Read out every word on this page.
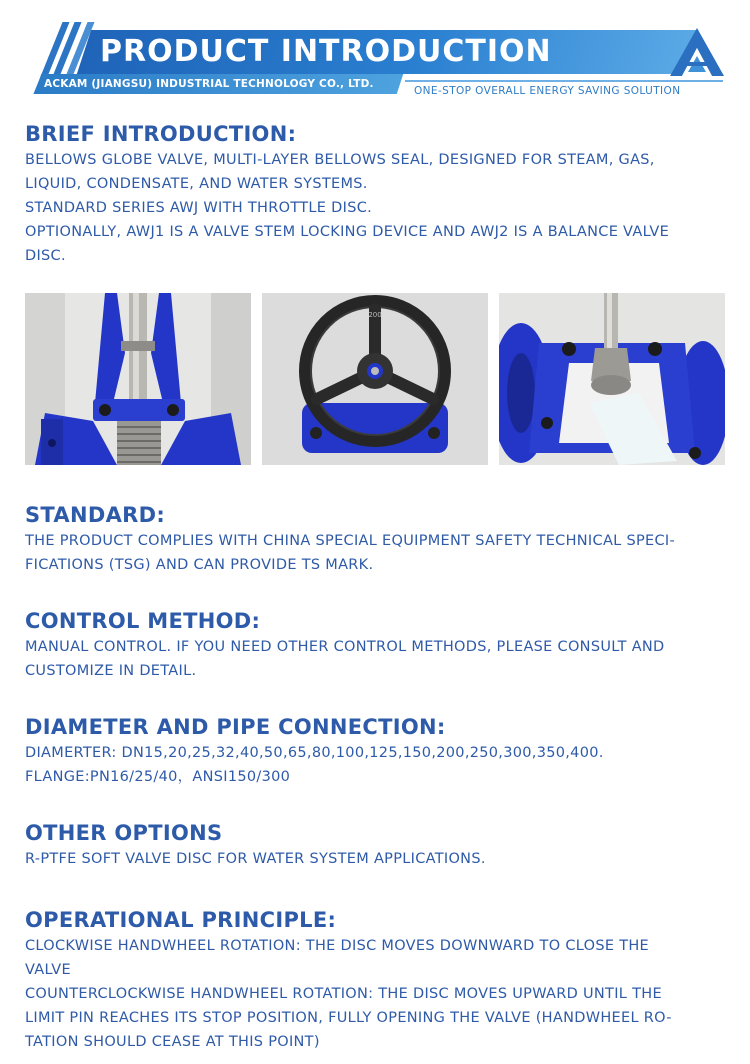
PRODUCT INTRODUCTION
ACKAM (JIANGSU) INDUSTRIAL TECHNOLOGY CO., LTD.
ONE-STOP OVERALL ENERGY SAVING SOLUTION
BRIEF INTRODUCTION:

BELLOWS GLOBE VALVE, MULTI-LAYER BELLOWS SEAL, DESIGNED FOR STEAM, GAS,

LIQUID, CONDENSATE, AND WATER SYSTEMS.

STANDARD SERIES AWJ WITH THROTTLE DISC.

OPTIONALLY, AWJ1 IS A VALVE STEM LOCKING DEVICE AND AWJ2 IS A BALANCE VALVE

DISC.

200
STANDARD:

THE PRODUCT COMPLIES WITH CHINA SPECIAL EQUIPMENT SAFETY TECHNICAL SPECI-

FICATIONS (TSG) AND CAN PROVIDE TS MARK.

CONTROL METHOD:

MANUAL CONTROL. IF YOU NEED OTHER CONTROL METHODS, PLEASE CONSULT AND

CUSTOMIZE IN DETAIL.

DIAMETER AND PIPE CONNECTION:

DIAMERTER: DN15,20,25,32,40,50,65,80,100,125,150,200,250,300,350,400.

FLANGE:PN16/25/40，ANSI150/300

OTHER OPTIONS

R-PTFE SOFT VALVE DISC FOR WATER SYSTEM APPLICATIONS.

OPERATIONAL PRINCIPLE:

CLOCKWISE HANDWHEEL ROTATION: THE DISC MOVES DOWNWARD TO CLOSE THE

VALVE

COUNTERCLOCKWISE HANDWHEEL ROTATION: THE DISC MOVES UPWARD UNTIL THE

LIMIT PIN REACHES ITS STOP POSITION, FULLY OPENING THE VALVE (HANDWHEEL RO-

TATION SHOULD CEASE AT THIS POINT)
